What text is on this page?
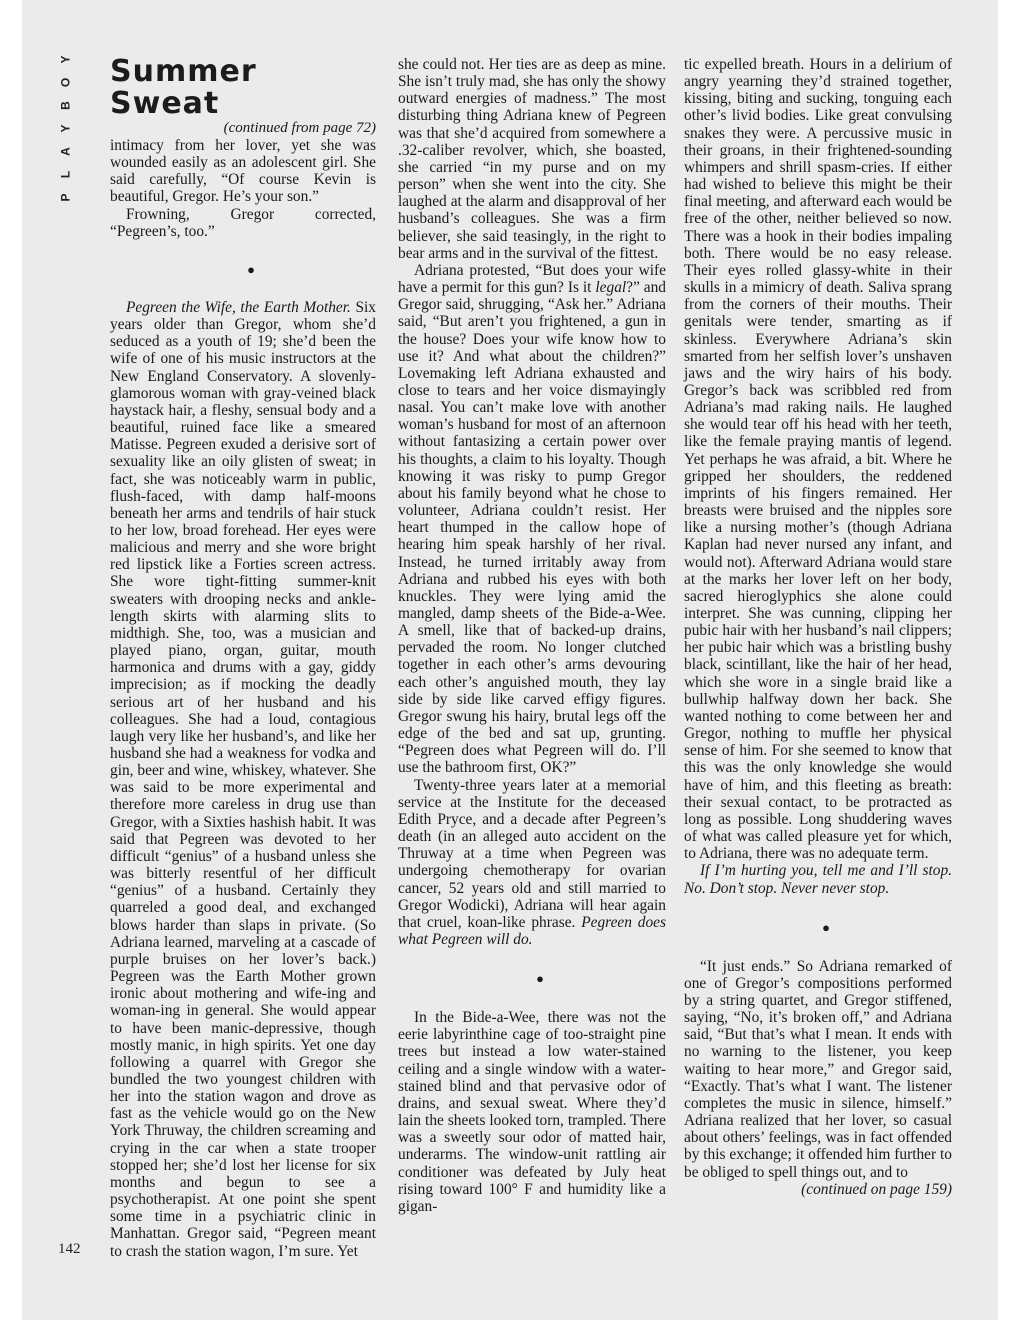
Y
O
B
Y
A
L
P
142
Summer Sweat

(continued from page 72)

intimacy from her lover, yet she was wounded easily as an adolescent girl. She said carefully, “Of course Kevin is beautiful, Gregor. He’s your son.”

Frowning, Gregor corrected, “Pegreen’s, too.”

●

Pegreen the Wife, the Earth Mother. Six years older than Gregor, whom she’d seduced as a youth of 19; she’d been the wife of one of his music instructors at the New England Conservatory. A slovenly-glamorous woman with gray-veined black haystack hair, a fleshy, sensual body and a beautiful, ruined face like a smeared Matisse. Pegreen exuded a derisive sort of sexuality like an oily glisten of sweat; in fact, she was noticeably warm in public, flush-faced, with damp half-moons beneath her arms and tendrils of hair stuck to her low, broad forehead. Her eyes were malicious and merry and she wore bright red lipstick like a Forties screen actress. She wore tight-fitting summer-knit sweaters with drooping necks and ankle-length skirts with alarming slits to midthigh. She, too, was a musician and played piano, organ, guitar, mouth harmonica and drums with a gay, giddy imprecision; as if mocking the deadly serious art of her husband and his colleagues. She had a loud, contagious laugh very like her husband’s, and like her husband she had a weakness for vodka and gin, beer and wine, whiskey, whatever. She was said to be more experimental and therefore more careless in drug use than Gregor, with a Sixties hashish habit. It was said that Pegreen was devoted to her difficult “genius” of a husband unless she was bitterly resentful of her difficult “genius” of a husband. Certainly they quarreled a good deal, and exchanged blows harder than slaps in private. (So Adriana learned, marveling at a cascade of purple bruises on her lover’s back.) Pegreen was the Earth Mother grown ironic about mothering and wife-ing and woman-ing in general. She would appear to have been manic-depressive, though mostly manic, in high spirits. Yet one day following a quarrel with Gregor she bundled the two youngest children with her into the station wagon and drove as fast as the vehicle would go on the New York Thruway, the children screaming and crying in the car when a state trooper stopped her; she’d lost her license for six months and begun to see a psychotherapist. At one point she spent some time in a psychiatric clinic in Manhattan. Gregor said, “Pegreen meant to crash the station wagon, I’m sure. Yet

she could not. Her ties are as deep as mine. She isn’t truly mad, she has only the showy outward energies of madness.” The most disturbing thing Adriana knew of Pegreen was that she’d acquired from somewhere a .32-caliber revolver, which, she boasted, she carried “in my purse and on my person” when she went into the city. She laughed at the alarm and disapproval of her husband’s colleagues. She was a firm believer, she said teasingly, in the right to bear arms and in the survival of the fittest.

Adriana protested, “But does your wife have a permit for this gun? Is it legal?” and Gregor said, shrugging, “Ask her.” Adriana said, “But aren’t you frightened, a gun in the house? Does your wife know how to use it? And what about the children?” Lovemaking left Adriana exhausted and close to tears and her voice dismayingly nasal. You can’t make love with another woman’s husband for most of an afternoon without fantasizing a certain power over his thoughts, a claim to his loyalty. Though knowing it was risky to pump Gregor about his family beyond what he chose to volunteer, Adriana couldn’t resist. Her heart thumped in the callow hope of hearing him speak harshly of her rival. Instead, he turned irritably away from Adriana and rubbed his eyes with both knuckles. They were lying amid the mangled, damp sheets of the Bide-a-Wee. A smell, like that of backed-up drains, pervaded the room. No longer clutched together in each other’s arms devouring each other’s anguished mouth, they lay side by side like carved effigy figures. Gregor swung his hairy, brutal legs off the edge of the bed and sat up, grunting. “Pegreen does what Pegreen will do. I’ll use the bathroom first, OK?”

Twenty-three years later at a memorial service at the Institute for the deceased Edith Pryce, and a decade after Pegreen’s death (in an alleged auto accident on the Thruway at a time when Pegreen was undergoing chemotherapy for ovarian cancer, 52 years old and still married to Gregor Wodicki), Adriana will hear again that cruel, koan-like phrase. Pegreen does what Pegreen will do.

●

In the Bide-a-Wee, there was not the eerie labyrinthine cage of too-straight pine trees but instead a low water-stained ceiling and a single window with a water-stained blind and that pervasive odor of drains, and sexual sweat. Where they’d lain the sheets looked torn, trampled. There was a sweetly sour odor of matted hair, underarms. The window-unit rattling air conditioner was defeated by July heat rising toward 100° F and humidity like a gigan-

tic expelled breath. Hours in a delirium of angry yearning they’d strained together, kissing, biting and sucking, tonguing each other’s livid bodies. Like great convulsing snakes they were. A percussive music in their groans, in their frightened-sounding whimpers and shrill spasm-cries. If either had wished to believe this might be their final meeting, and afterward each would be free of the other, neither believed so now. There was a hook in their bodies impaling both. There would be no easy release. Their eyes rolled glassy-white in their skulls in a mimicry of death. Saliva sprang from the corners of their mouths. Their genitals were tender, smarting as if skinless. Everywhere Adriana’s skin smarted from her selfish lover’s unshaven jaws and the wiry hairs of his body. Gregor’s back was scribbled red from Adriana’s mad raking nails. He laughed she would tear off his head with her teeth, like the female praying mantis of legend. Yet perhaps he was afraid, a bit. Where he gripped her shoulders, the reddened imprints of his fingers remained. Her breasts were bruised and the nipples sore like a nursing mother’s (though Adriana Kaplan had never nursed any infant, and would not). Afterward Adriana would stare at the marks her lover left on her body, sacred hieroglyphics she alone could interpret. She was cunning, clipping her pubic hair with her husband’s nail clippers; her pubic hair which was a bristling bushy black, scintillant, like the hair of her head, which she wore in a single braid like a bullwhip halfway down her back. She wanted nothing to come between her and Gregor, nothing to muffle her physical sense of him. For she seemed to know that this was the only knowledge she would have of him, and this fleeting as breath: their sexual contact, to be protracted as long as possible. Long shuddering waves of what was called pleasure yet for which, to Adriana, there was no adequate term.

If I’m hurting you, tell me and I’ll stop. No. Don’t stop. Never never stop.

●

“It just ends.” So Adriana remarked of one of Gregor’s compositions performed by a string quartet, and Gregor stiffened, saying, “No, it’s broken off,” and Adriana said, “But that’s what I mean. It ends with no warning to the listener, you keep waiting to hear more,” and Gregor said, “Exactly. That’s what I want. The listener completes the music in silence, himself.” Adriana realized that her lover, so casual about others’ feelings, was in fact offended by this exchange; it offended him further to be obliged to spell things out, and to

(continued on page 159)
